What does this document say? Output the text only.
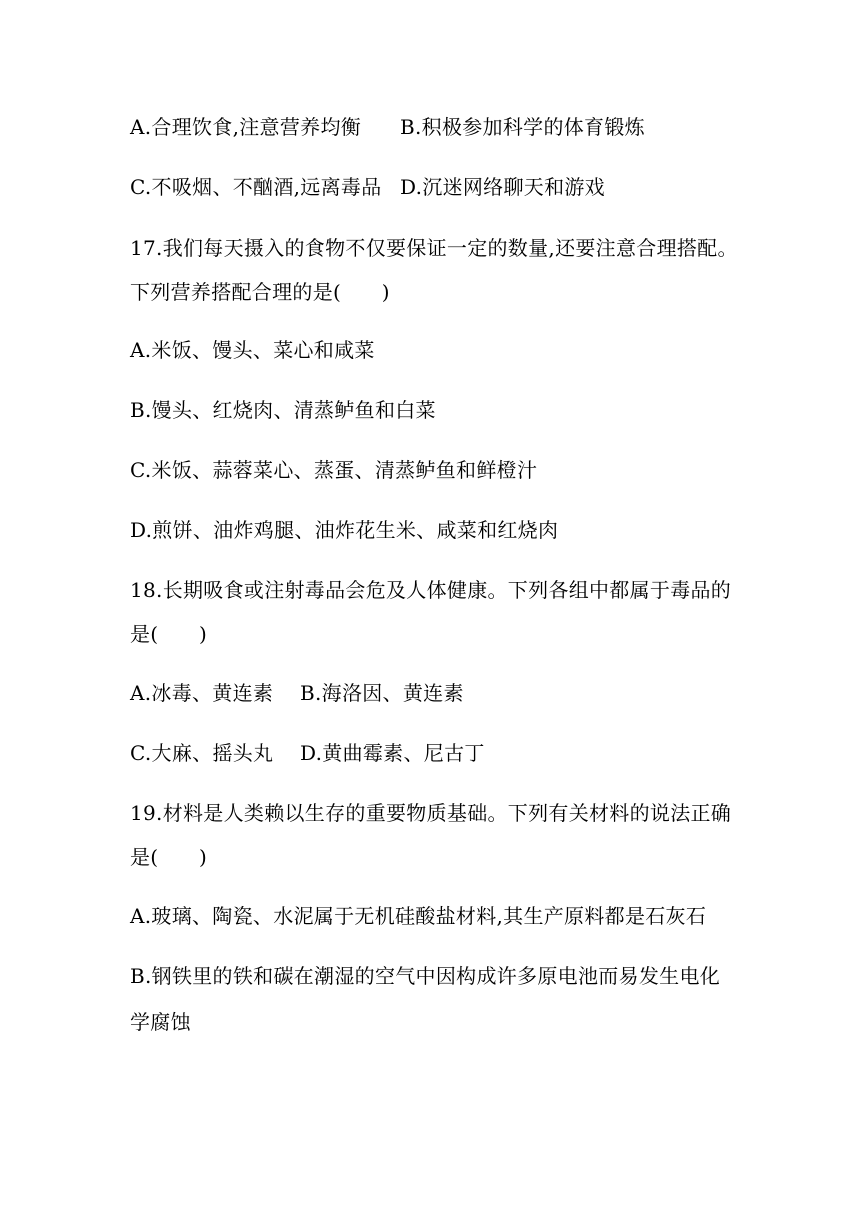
A.合理饮食,注意营养均衡 B.积极参加科学的体育锻炼
C.不吸烟、不酗酒,远离毒品 D.沉迷网络聊天和游戏
17.我们每天摄入的食物不仅要保证一定的数量,还要注意合理搭配。
下列营养搭配合理的是(　　)
A.米饭、馒头、菜心和咸菜
B.馒头、红烧肉、清蒸鲈鱼和白菜
C.米饭、蒜蓉菜心、蒸蛋、清蒸鲈鱼和鲜橙汁
D.煎饼、油炸鸡腿、油炸花生米、咸菜和红烧肉
18.长期吸食或注射毒品会危及人体健康。下列各组中都属于毒品的
是(　　)
A.冰毒、黄连素 B.海洛因、黄连素
C.大麻、摇头丸 D.黄曲霉素、尼古丁
19.材料是人类赖以生存的重要物质基础。下列有关材料的说法正确
是(　　)
A.玻璃、陶瓷、水泥属于无机硅酸盐材料,其生产原料都是石灰石
B.钢铁里的铁和碳在潮湿的空气中因构成许多原电池而易发生电化
学腐蚀
